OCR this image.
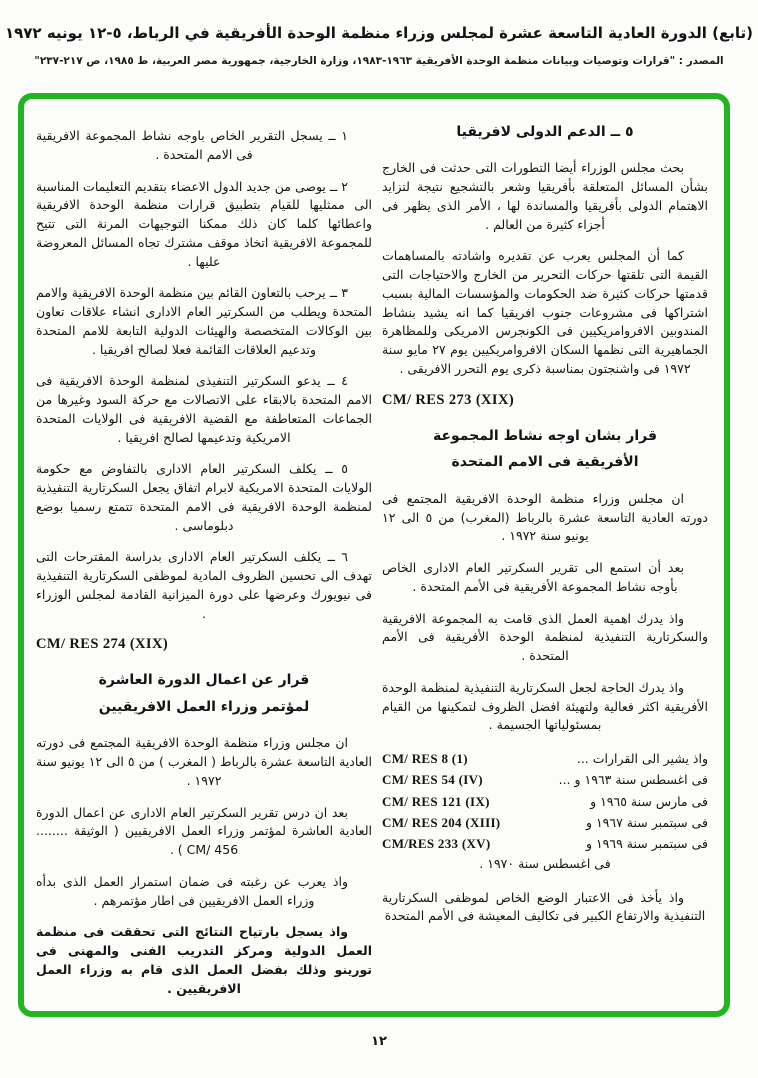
(تابع) الدورة العادية التاسعة عشرة لمجلس وزراء منظمة الوحدة الأفريقية في الرباط، ٥-١٢ يونيه ١٩٧٢
المصدر : "قرارات وتوصيات وبيانات منظمة الوحدة الأفريقية ١٩٦٣-١٩٨٣، وزارة الخارجية، جمهورية مصر العربية، ط ١٩٨٥، ص ٢١٧-٢٣٧"
٥ ــ الدعم الدولى لافريقيا

بحث مجلس الوزراء أيضا التطورات التى حدثت فى الخارج بشأن المسائل المتعلقة بأفريقيا وشعر بالتشجيع نتيجة لتزايد الاهتمام الدولى بأفريقيا والمساندة لها ، الأمر الذى يظهر فى أجزاء كثيرة من العالم .

كما أن المجلس يعرب عن تقديره واشادته بالمساهمات القيمة التى تلقتها حركات التحرير من الخارج والاحتياجات التى قدمتها حركات كثيرة ضد الحكومات والمؤسسات المالية بسبب اشتراكها فى مشروعات جنوب افريقيا كما انه يشيد بنشاط المندوبين الافروامريكيين فى الكونجرس الامريكى وللمظاهرة الجماهيرية التى نظمها السكان الافروامريكيين يوم ٢٧ مايو سنة ١٩٧٢ فى واشنجتون بمناسبة ذكرى يوم التحرر الافريقى .

CM/ RES 273 (XIX)
قرار بشان اوجه نشاط المجموعة
الأفريقية فى الامم المتحدة

ان مجلس وزراء منظمة الوحدة الافريقية المجتمع فى دورته العادية التاسعة عشرة بالرباط (المغرب) من ٥ الى ١٢ يونيو سنة ١٩٧٢ .

بعد أن استمع الى تقرير السكرتير العام الادارى الخاص بأوجه نشاط المجموعة الأفريقية فى الأمم المتحدة .

واذ يدرك اهمية العمل الذى قامت به المجموعة الافريقية والسكرتارية التنفيذية لمنظمة الوحدة الأفريقية فى الأمم المتحدة .

واذ يدرك الحاجة لجعل السكرتارية التنفيذية لمنظمة الوحدة الأفريقية اكثر فعالية ولتهيئة افضل الظروف لتمكينها من القيام بمسئولياتها الجسيمة .

CM/ RES 8 (1)	واذ يشير الى القرارات ...
CM/ RES 54 (IV)	فى اغسطس سنة ١٩٦٣ و ...
CM/ RES 121 (IX)	فى مارس سنة ١٩٦٥ و
CM/ RES 204 (XIII)	فى سبتمبر سنة ١٩٦٧ و
CM/RES 233 (XV)	فى سبتمبر سنة ١٩٦٩ و
فى اغسطس سنة ١٩٧٠ .

واذ يأخذ فى الاعتبار الوضع الخاص لموظفى السكرتارية التنفيذية والارتفاع الكبير فى تكاليف المعيشة فى الأمم المتحدة

١ ــ يسجل التقرير الخاص باوجه نشاط المجموعة الافريقية فى الامم المتحدة .

٢ ــ يوصى من جديد الدول الاعضاء بتقديم التعليمات المناسبة الى ممثليها للقيام بتطبيق قرارات منظمة الوحدة الافريقية واعطائها كلما كان ذلك ممكنا التوجيهات المرنة التى تتيح للمجموعة الافريقية اتخاذ موقف مشترك تجاه المسائل المعروضة عليها .

٣ ــ يرحب بالتعاون القائم بين منظمة الوحدة الافريقية والامم المتحدة ويطلب من السكرتير العام الادارى انشاء علاقات تعاون بين الوكالات المتخصصة والهيئات الدولية التابعة للامم المتحدة وتدعيم العلاقات القائمة فعلا لصالح افريقيا .

٤ ــ يدعو السكرتير التنفيذى لمنظمة الوحدة الافريقية فى الامم المتحدة بالابقاء على الاتصالات مع حركة السود وغيرها من الجماعات المتعاطفة مع القضية الافريقية فى الولايات المتحدة الامريكية وتدعيمها لصالح افريقيا .

٥ ــ يكلف السكرتير العام الادارى بالتفاوض مع حكومة الولايات المتحدة الامريكية لابرام اتفاق يجعل السكرتارية التنفيذية لمنظمة الوحدة الافريقية فى الامم المتحدة تتمتع رسميا بوضع دبلوماسى .

٦ ــ يكلف السكرتير العام الادارى بدراسة المقترحات التى تهدف الى تحسين الظروف المادية لموظفى السكرتارية التنفيذية فى نيويورك وعرضها على دورة الميزانية القادمة لمجلس الوزراء .

CM/ RES 274 (XIX)
قرار عن اعمال الدورة العاشرة
لمؤتمر وزراء العمل الافريقيين

ان مجلس وزراء منظمة الوحدة الافريقية المجتمع فى دورته العادية التاسعة عشرة بالرباط ( المغرب ) من ٥ الى ١٢ يونيو سنة ١٩٧٢ .

بعد ان درس تقرير السكرتير العام الادارى عن اعمال الدورة العادية العاشرة لمؤتمر وزراء العمل الافريقيين ( الوثيقة ........ CM/ 456 ) .

واذ يعرب عن رغبته فى ضمان استمرار العمل الذى بدأه وزراء العمل الافريقيين فى اطار مؤتمرهم .

واذ يسجل بارتياح النتائج التى تحققت فى منظمة العمل الدولية ومركز التدريب الفنى والمهنى فى تورينو وذلك بفضل العمل الذى قام به وزراء العمل الافريقيين .

١٢
